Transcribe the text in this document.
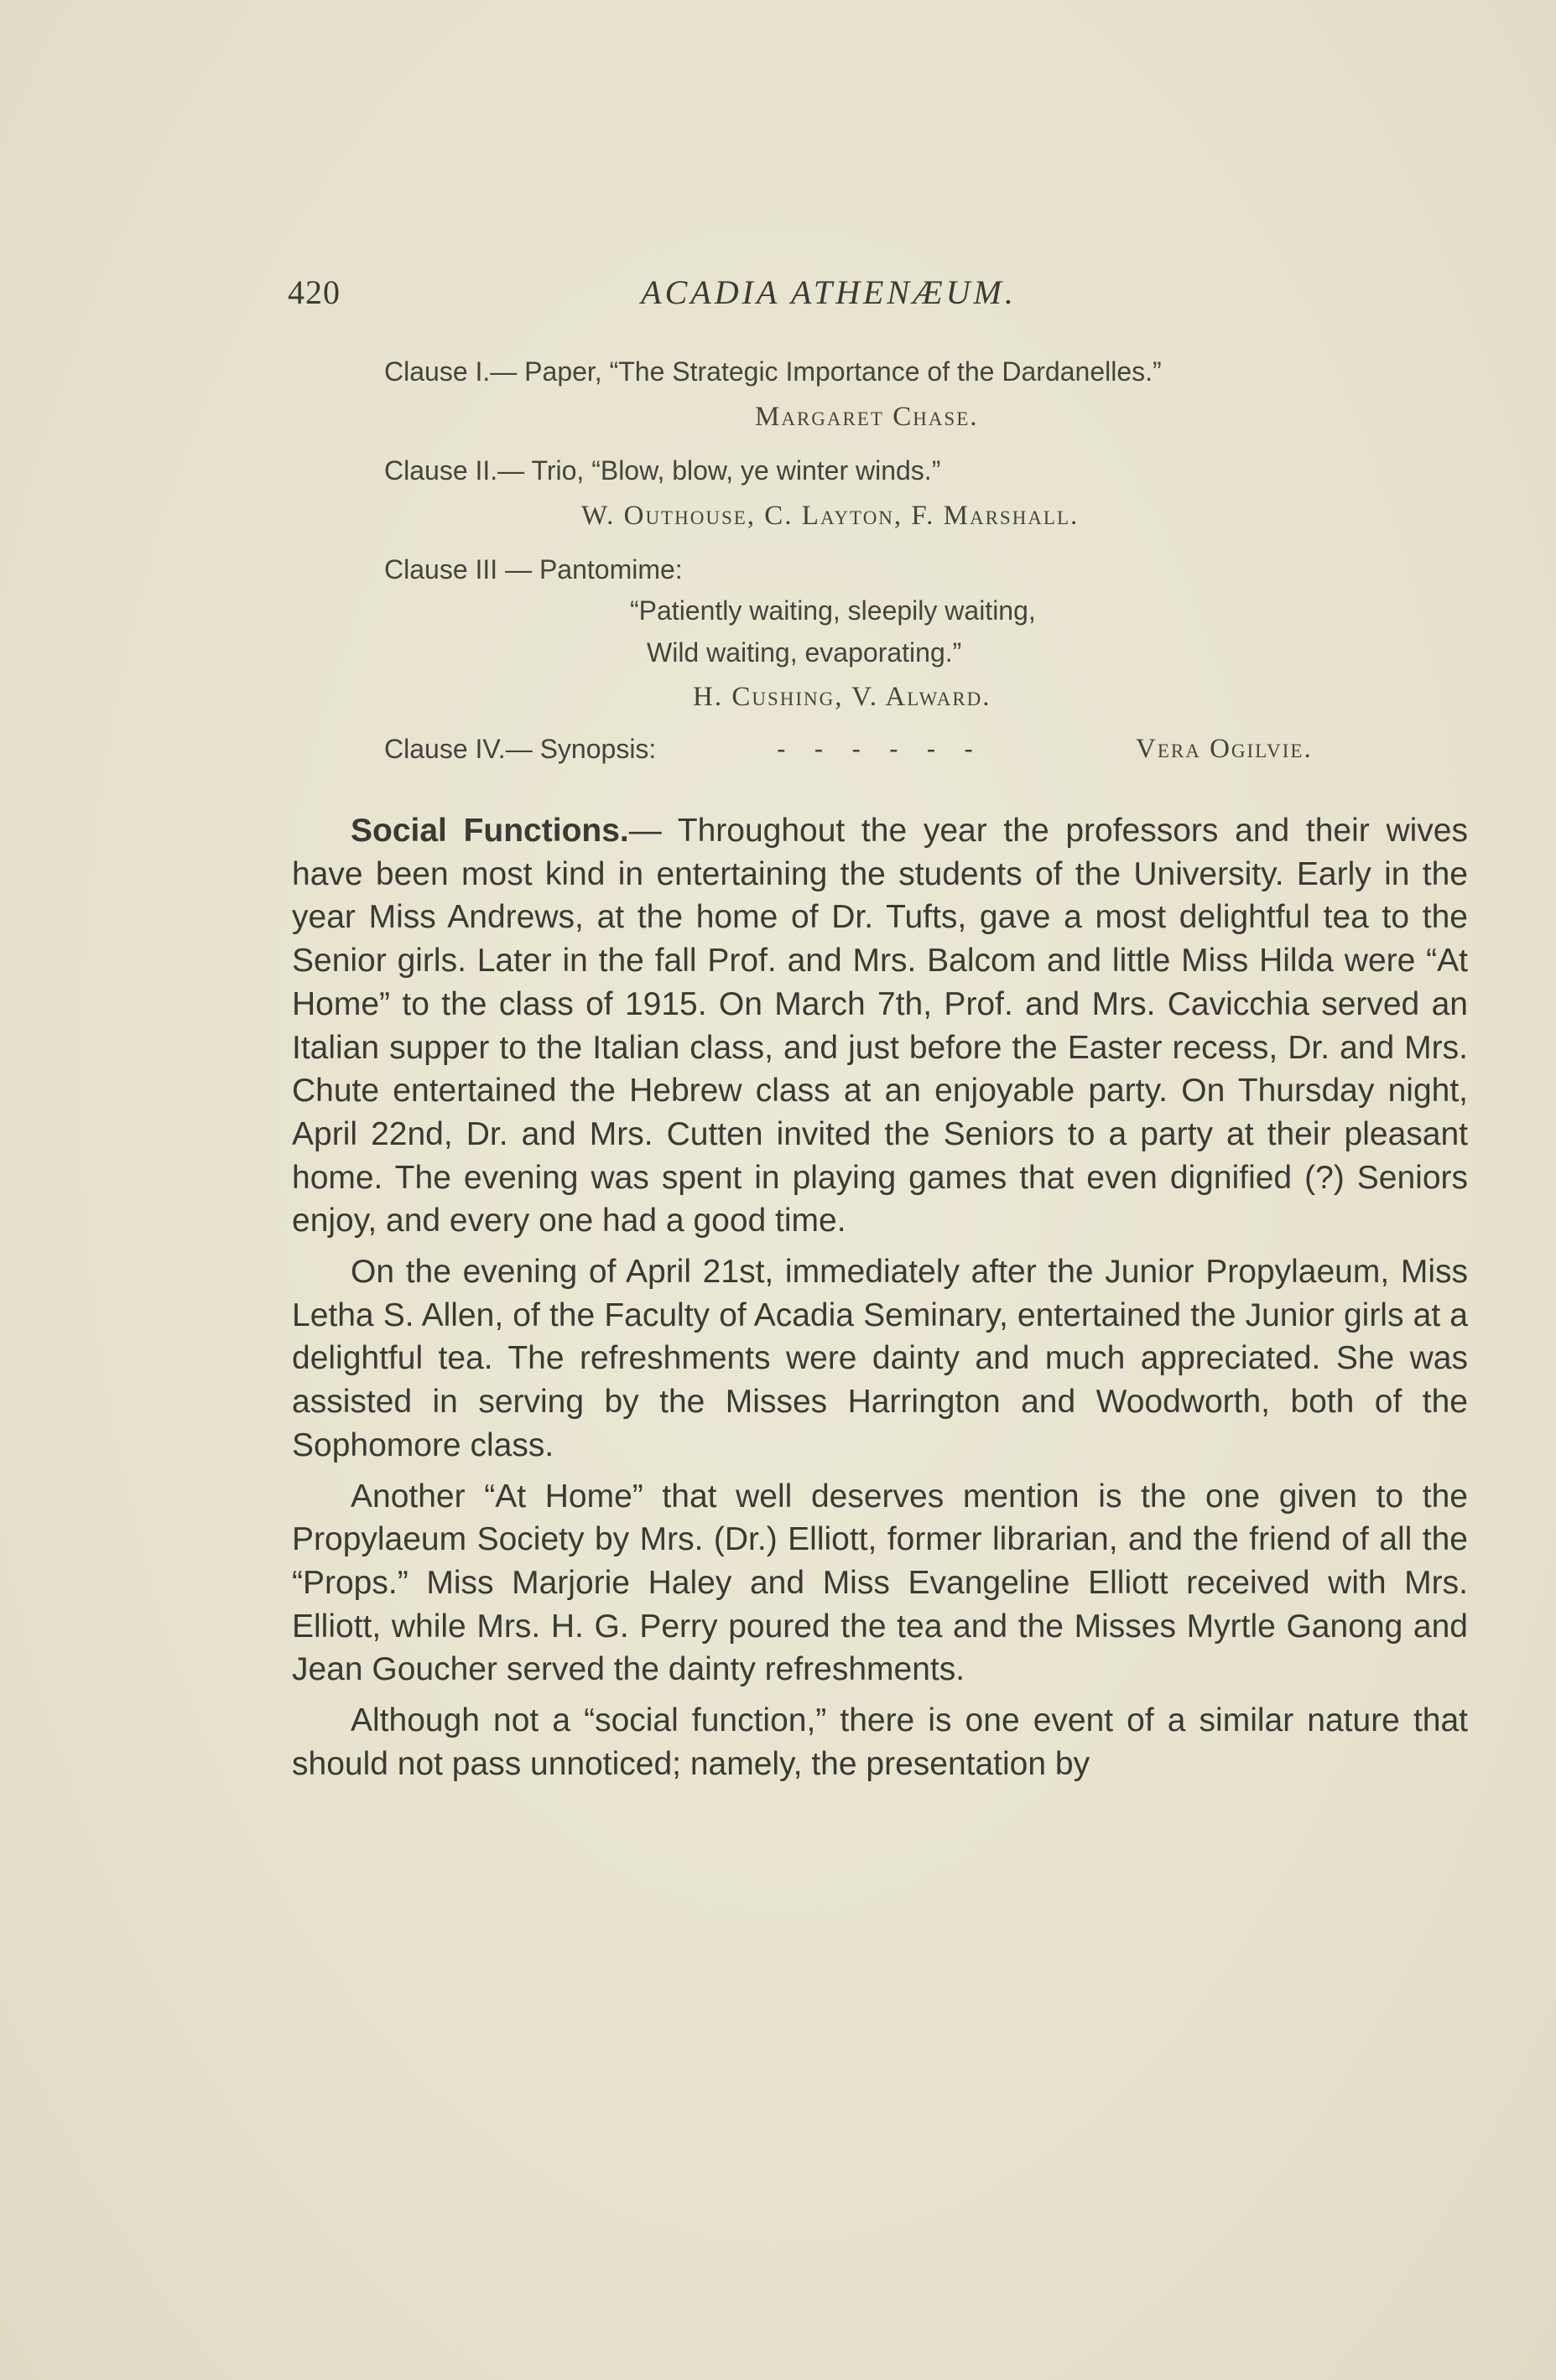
420	ACADIA ATHENÆUM.
Clause I.— Paper, “The Strategic Importance of the Dardanelles.”
Margaret Chase.
Clause II.— Trio, “Blow, blow, ye winter winds.”
W. Outhouse, C. Layton, F. Marshall.
Clause III — Pantomime:
“Patiently waiting, sleepily waiting,
Wild waiting, evaporating.”
H. Cushing, V. Alward.
Clause IV.— Synopsis:	------	Vera Ogilvie.

Social Functions.— Throughout the year the professors and their wives have been most kind in entertaining the students of the University. Early in the year Miss Andrews, at the home of Dr. Tufts, gave a most delightful tea to the Senior girls. Later in the fall Prof. and Mrs. Balcom and little Miss Hilda were “At Home” to the class of 1915. On March 7th, Prof. and Mrs. Cavicchia served an Italian supper to the Italian class, and just before the Easter recess, Dr. and Mrs. Chute entertained the Hebrew class at an enjoyable party. On Thursday night, April 22nd, Dr. and Mrs. Cutten invited the Seniors to a party at their pleasant home. The evening was spent in playing games that even dignified (?) Seniors enjoy, and every one had a good time.

On the evening of April 21st, immediately after the Junior Propylaeum, Miss Letha S. Allen, of the Faculty of Acadia Seminary, entertained the Junior girls at a delightful tea. The refreshments were dainty and much appreciated. She was assisted in serving by the Misses Harrington and Woodworth, both of the Sophomore class.

Another “At Home” that well deserves mention is the one given to the Propylaeum Society by Mrs. (Dr.) Elliott, former librarian, and the friend of all the “Props.” Miss Marjorie Haley and Miss Evangeline Elliott received with Mrs. Elliott, while Mrs. H. G. Perry poured the tea and the Misses Myrtle Ganong and Jean Goucher served the dainty refreshments.

Although not a “social function,” there is one event of a similar nature that should not pass unnoticed; namely, the presentation by
